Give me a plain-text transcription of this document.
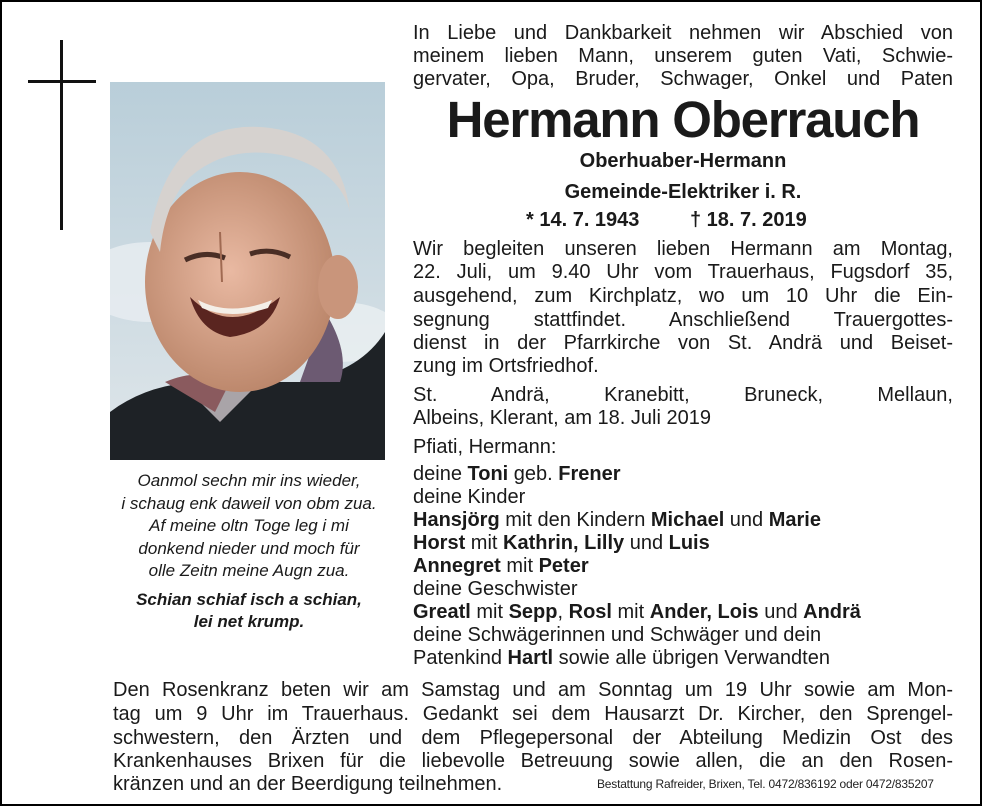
Oanmol sechn mir ins wieder,
i schaug enk daweil von obm zua.
Af meine oltn Toge leg i mi
donkend nieder und moch für
olle Zeitn meine Augn zua.
Schian schiaf isch a schian,
lei net krump.
In Liebe und Dankbarkeit nehmen wir Abschied von
meinem lieben Mann, unserem guten Vati, Schwie-
gervater, Opa, Bruder, Schwager, Onkel und Paten
Hermann Oberrauch
Oberhuaber-Hermann
Gemeinde-Elektriker i. R.
* 14. 7. 1943	† 18. 7. 2019
Wir begleiten unseren lieben Hermann am Montag,
22. Juli, um 9.40 Uhr vom Trauerhaus, Fugsdorf 35,
ausgehend, zum Kirchplatz, wo um 10 Uhr die Ein-
segnung stattfindet. Anschließend Trauergottes-
dienst in der Pfarrkirche von St. Andrä und Beiset-
zung im Ortsfriedhof.
St. Andrä, Kranebitt, Bruneck, Mellaun,
Albeins, Klerant, am 18. Juli 2019
Pfiati, Hermann:
deine Toni geb. Frener
deine Kinder
Hansjörg mit den Kindern Michael und Marie
Horst mit Kathrin, Lilly und Luis
Annegret mit Peter
deine Geschwister
Greatl mit Sepp, Rosl mit Ander, Lois und Andrä
deine Schwägerinnen und Schwäger und dein
Patenkind Hartl sowie alle übrigen Verwandten
Den Rosenkranz beten wir am Samstag und am Sonntag um 19 Uhr sowie am Mon-
tag um 9 Uhr im Trauerhaus. Gedankt sei dem Hausarzt Dr. Kircher, den Sprengel-
schwestern, den Ärzten und dem Pflegepersonal der Abteilung Medizin Ost des
Krankenhauses Brixen für die liebevolle Betreuung sowie allen, die an den Rosen-
kränzen und an der Beerdigung teilnehmen.	Bestattung Rafreider, Brixen, Tel. 0472/836192 oder 0472/835207
